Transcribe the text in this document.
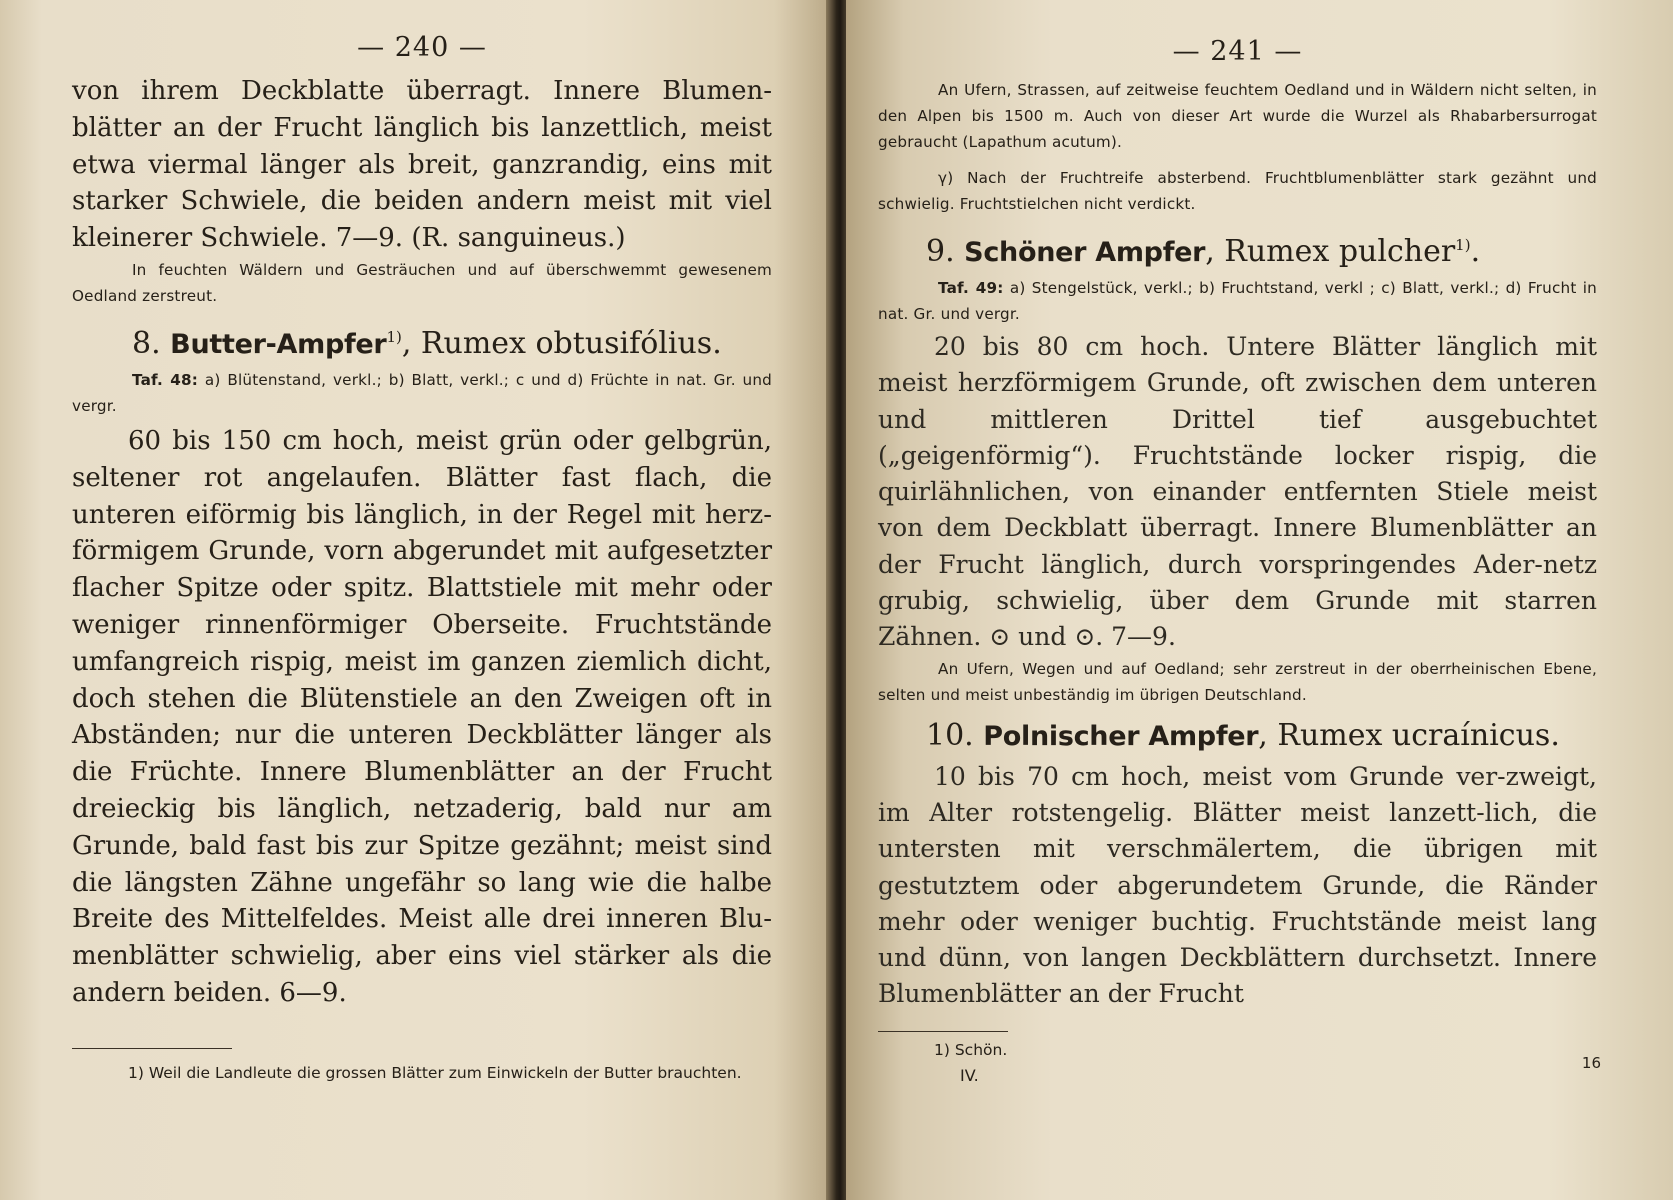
— 240 —

von ihrem Deckblatte überragt. Innere Blumen-blätter an der Frucht länglich bis lanzettlich, meist etwa viermal länger als breit, ganzrandig, eins mit starker Schwiele, die beiden andern meist mit viel kleinerer Schwiele. 7—9. (R. sanguineus.)

In feuchten Wäldern und Gesträuchen und auf überschwemmt gewesenem Oedland zerstreut.

8. Butter-Ampfer$^{1)}$, Rumex obtusifólius.

Taf. 48: a) Blütenstand, verkl.; b) Blatt, verkl.; c und d) Früchte in nat. Gr. und vergr.

60 bis 150 cm hoch, meist grün oder gelbgrün, seltener rot angelaufen. Blätter fast flach, die unteren eiförmig bis länglich, in der Regel mit herz-förmigem Grunde, vorn abgerundet mit aufgesetzter flacher Spitze oder spitz. Blattstiele mit mehr oder weniger rinnenförmiger Oberseite. Fruchtstände umfangreich rispig, meist im ganzen ziemlich dicht, doch stehen die Blütenstiele an den Zweigen oft in Abständen; nur die unteren Deckblätter länger als die Früchte. Innere Blumenblätter an der Frucht dreieckig bis länglich, netzaderig, bald nur am Grunde, bald fast bis zur Spitze gezähnt; meist sind die längsten Zähne ungefähr so lang wie die halbe Breite des Mittelfeldes. Meist alle drei inneren Blu-menblätter schwielig, aber eins viel stärker als die andern beiden. 6—9.

1) Weil die Landleute die grossen Blätter zum Einwickeln der Butter brauchten.

— 241 —

An Ufern, Strassen, auf zeitweise feuchtem Oedland und in Wäldern nicht selten, in den Alpen bis 1500 m. Auch von dieser Art wurde die Wurzel als Rhabarbersurrogat gebraucht (Lapathum acutum).

γ) Nach der Fruchtreife absterbend. Fruchtblumenblätter stark gezähnt und schwielig. Fruchtstielchen nicht verdickt.

9. Schöner Ampfer, Rumex pulcher$^{1)}$.

Taf. 49: a) Stengelstück, verkl.; b) Fruchtstand, verkl ; c) Blatt, verkl.; d) Frucht in nat. Gr. und vergr.

20 bis 80 cm hoch. Untere Blätter länglich mit meist herzförmigem Grunde, oft zwischen dem unteren und mittleren Drittel tief ausgebuchtet („geigenförmig“). Fruchtstände locker rispig, die quirlähnlichen, von einander entfernten Stiele meist von dem Deckblatt überragt. Innere Blumenblätter an der Frucht länglich, durch vorspringendes Ader-netz grubig, schwielig, über dem Grunde mit starren Zähnen. ⊙ und ⊙. 7—9.

An Ufern, Wegen und auf Oedland; sehr zerstreut in der oberrheinischen Ebene, selten und meist unbeständig im übrigen Deutschland.

10. Polnischer Ampfer, Rumex ucraínicus.

10 bis 70 cm hoch, meist vom Grunde ver-zweigt, im Alter rotstengelig. Blätter meist lanzett-lich, die untersten mit verschmälertem, die übrigen mit gestutztem oder abgerundetem Grunde, die Ränder mehr oder weniger buchtig. Fruchtstände meist lang und dünn, von langen Deckblättern durchsetzt. Innere Blumenblätter an der Frucht

1) Schön.

IV.
16
